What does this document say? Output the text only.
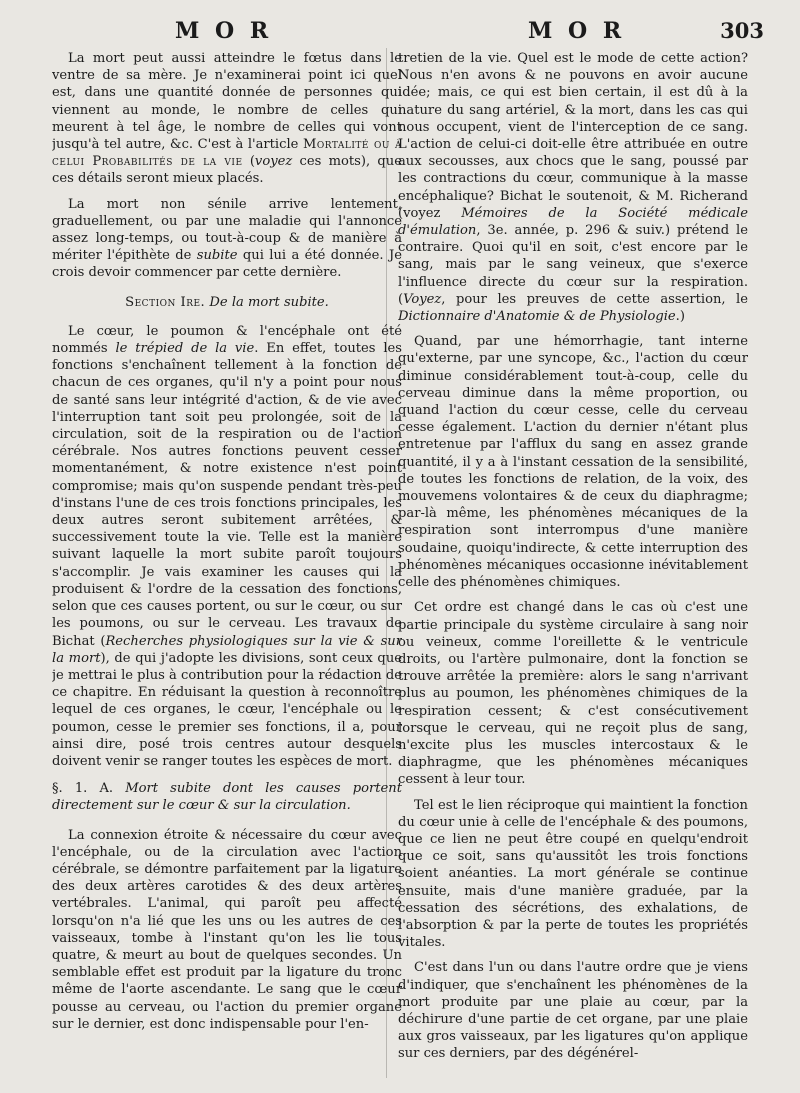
M O R	M O R	303

La mort peut aussi atteindre le fœtus dans le ventre de sa mère. Je n'examinerai point ici quel est, dans une quantité donnée de personnes qui viennent au monde, le nombre de celles qui meurent à tel âge, le nombre de celles qui vont jusqu'à tel autre, &c. C'est à l'article Mortalité ou à celui Probabilités de la vie (voyez ces mots), que ces détails seront mieux placés.

La mort non sénile arrive lentement, graduellement, ou par une maladie qui l'annonce assez long-temps, ou tout-à-coup & de manière à mériter l'épithète de subite qui lui a été donnée. Je crois devoir commencer par cette dernière.

Section Ire. De la mort subite.

Le cœur, le poumon & l'encéphale ont été nommés le trépied de la vie. En effet, toutes les fonctions s'enchaînent tellement à la fonction de chacun de ces organes, qu'il n'y a point pour nous de santé sans leur intégrité d'action, & de vie avec l'interruption tant soit peu prolongée, soit de la circulation, soit de la respiration ou de l'action cérébrale. Nos autres fonctions peuvent cesser momentanément, & notre existence n'est point compromise; mais qu'on suspende pendant très-peu d'instans l'une de ces trois fonctions principales, les deux autres seront subitement arrêtées, & successivement toute la vie. Telle est la manière suivant laquelle la mort subite paroît toujours s'accomplir. Je vais examiner les causes qui la produisent & l'ordre de la cessation des fonctions, selon que ces causes portent, ou sur le cœur, ou sur les poumons, ou sur le cerveau. Les travaux de Bichat (Recherches physiologiques sur la vie & sur la mort), de qui j'adopte les divisions, sont ceux que je mettrai le plus à contribution pour la rédaction de ce chapitre. En réduisant la question à reconnoître lequel de ces organes, le cœur, l'encéphale ou le poumon, cesse le premier ses fonctions, il a, pour ainsi dire, posé trois centres autour desquels doivent venir se ranger toutes les espèces de mort.

§. 1. A. Mort subite dont les causes portent directement sur le cœur & sur la circulation.

La connexion étroite & nécessaire du cœur avec l'encéphale, ou de la circulation avec l'action cérébrale, se démontre parfaitement par la ligature des deux artères carotides & des deux artères vertébrales. L'animal, qui paroît peu affecté lorsqu'on n'a lié que les uns ou les autres de ces vaisseaux, tombe à l'instant qu'on les lie tous quatre, & meurt au bout de quelques secondes. Un semblable effet est produit par la ligature du tronc même de l'aorte ascendante. Le sang que le cœur pousse au cerveau, ou l'action du premier organe sur le dernier, est donc indispensable pour l'en-

tretien de la vie. Quel est le mode de cette action? Nous n'en avons & ne pouvons en avoir aucune idée; mais, ce qui est bien certain, il est dû à la nature du sang artériel, & la mort, dans les cas qui nous occupent, vient de l'interception de ce sang. L'action de celui-ci doit-elle être attribuée en outre aux secousses, aux chocs que le sang, poussé par les contractions du cœur, communique à la masse encéphalique? Bichat le soutenoit, & M. Richerand (voyez Mémoires de la Société médicale d'émulation, 3e. année, p. 296 & suiv.) prétend le contraire. Quoi qu'il en soit, c'est encore par le sang, mais par le sang veineux, que s'exerce l'influence directe du cœur sur la respiration. (Voyez, pour les preuves de cette assertion, le Dictionnaire d'Anatomie & de Physiologie.)

Quand, par une hémorrhagie, tant interne qu'externe, par une syncope, &c., l'action du cœur diminue considérablement tout-à-coup, celle du cerveau diminue dans la même proportion, ou quand l'action du cœur cesse, celle du cerveau cesse également. L'action du dernier n'étant plus entretenue par l'afflux du sang en assez grande quantité, il y a à l'instant cessation de la sensibilité, de toutes les fonctions de relation, de la voix, des mouvemens volontaires & de ceux du diaphragme; par-là même, les phénomènes mécaniques de la respiration sont interrompus d'une manière soudaine, quoiqu'indirecte, & cette interruption des phénomènes mécaniques occasionne inévitablement celle des phénomènes chimiques.

Cet ordre est changé dans le cas où c'est une partie principale du système circulaire à sang noir ou veineux, comme l'oreillette & le ventricule droits, ou l'artère pulmonaire, dont la fonction se trouve arrêtée la première: alors le sang n'arrivant plus au poumon, les phénomènes chimiques de la respiration cessent; & c'est consécutivement lorsque le cerveau, qui ne reçoit plus de sang, n'excite plus les muscles intercostaux & le diaphragme, que les phénomènes mécaniques cessent à leur tour.

Tel est le lien réciproque qui maintient la fonction du cœur unie à celle de l'encéphale & des poumons, que ce lien ne peut être coupé en quelqu'endroit que ce soit, sans qu'aussitôt les trois fonctions soient anéanties. La mort générale se continue ensuite, mais d'une manière graduée, par la cessation des sécrétions, des exhalations, de l'absorption & par la perte de toutes les propriétés vitales.

C'est dans l'un ou dans l'autre ordre que je viens d'indiquer, que s'enchaînent les phénomènes de la mort produite par une plaie au cœur, par la déchirure d'une partie de cet organe, par une plaie aux gros vaisseaux, par les ligatures qu'on applique sur ces derniers, par des dégénérel-
